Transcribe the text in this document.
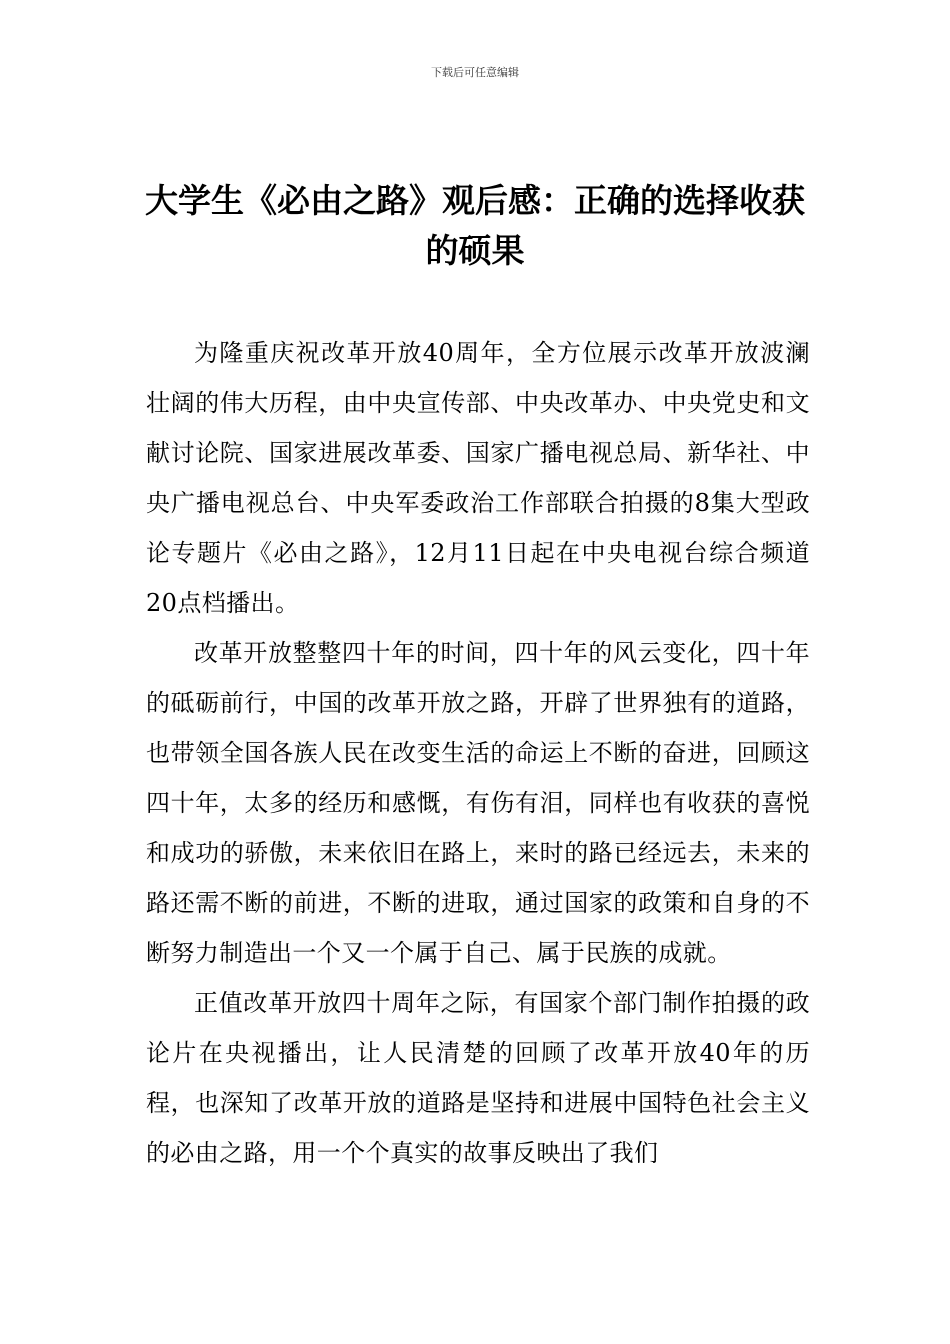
下载后可任意编辑
大学生《必由之路》观后感：正确的选择收获的硕果

为隆重庆祝改革开放40周年，全方位展示改革开放波澜壮阔的伟大历程，由中央宣传部、中央改革办、中央党史和文献讨论院、国家进展改革委、国家广播电视总局、新华社、中央广播电视总台、中央军委政治工作部联合拍摄的8集大型政论专题片《必由之路》，12月11日起在中央电视台综合频道20点档播出。

改革开放整整四十年的时间，四十年的风云变化，四十年的砥砺前行，中国的改革开放之路，开辟了世界独有的道路，也带领全国各族人民在改变生活的命运上不断的奋进，回顾这四十年，太多的经历和感慨，有伤有泪，同样也有收获的喜悦和成功的骄傲，未来依旧在路上，来时的路已经远去，未来的路还需不断的前进，不断的进取，通过国家的政策和自身的不断努力制造出一个又一个属于自己、属于民族的成就。

正值改革开放四十周年之际，有国家个部门制作拍摄的政论片在央视播出，让人民清楚的回顾了改革开放40年的历程，也深知了改革开放的道路是坚持和进展中国特色社会主义的必由之路，用一个个真实的故事反映出了我们
